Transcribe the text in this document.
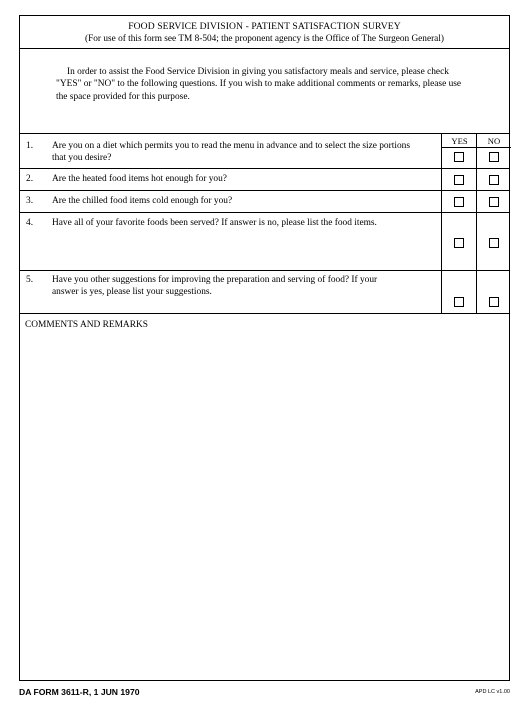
FOOD SERVICE DIVISION - PATIENT SATISFACTION SURVEY
(For use of this form see TM 8-504; the proponent agency is the Office of The Surgeon General)

In order to assist the Food Service Division in giving you satisfactory meals and service, please check "YES" or "NO" to the following questions. If you wish to make additional comments or remarks, please use the space provided for this purpose.

1. Are you on a diet which permits you to read the menu in advance and to select the size portions that you desire?
YES	NO
2. Are the heated food items hot enough for you?
3. Are the chilled food items cold enough for you?
4. Have all of your favorite foods been served? If answer is no, please list the food items.
5. Have you other suggestions for improving the preparation and serving of food? If your answer is yes, please list your suggestions.
COMMENTS AND REMARKS
DA FORM 3611-R, 1 JUN 1970	APD LC v1.00
